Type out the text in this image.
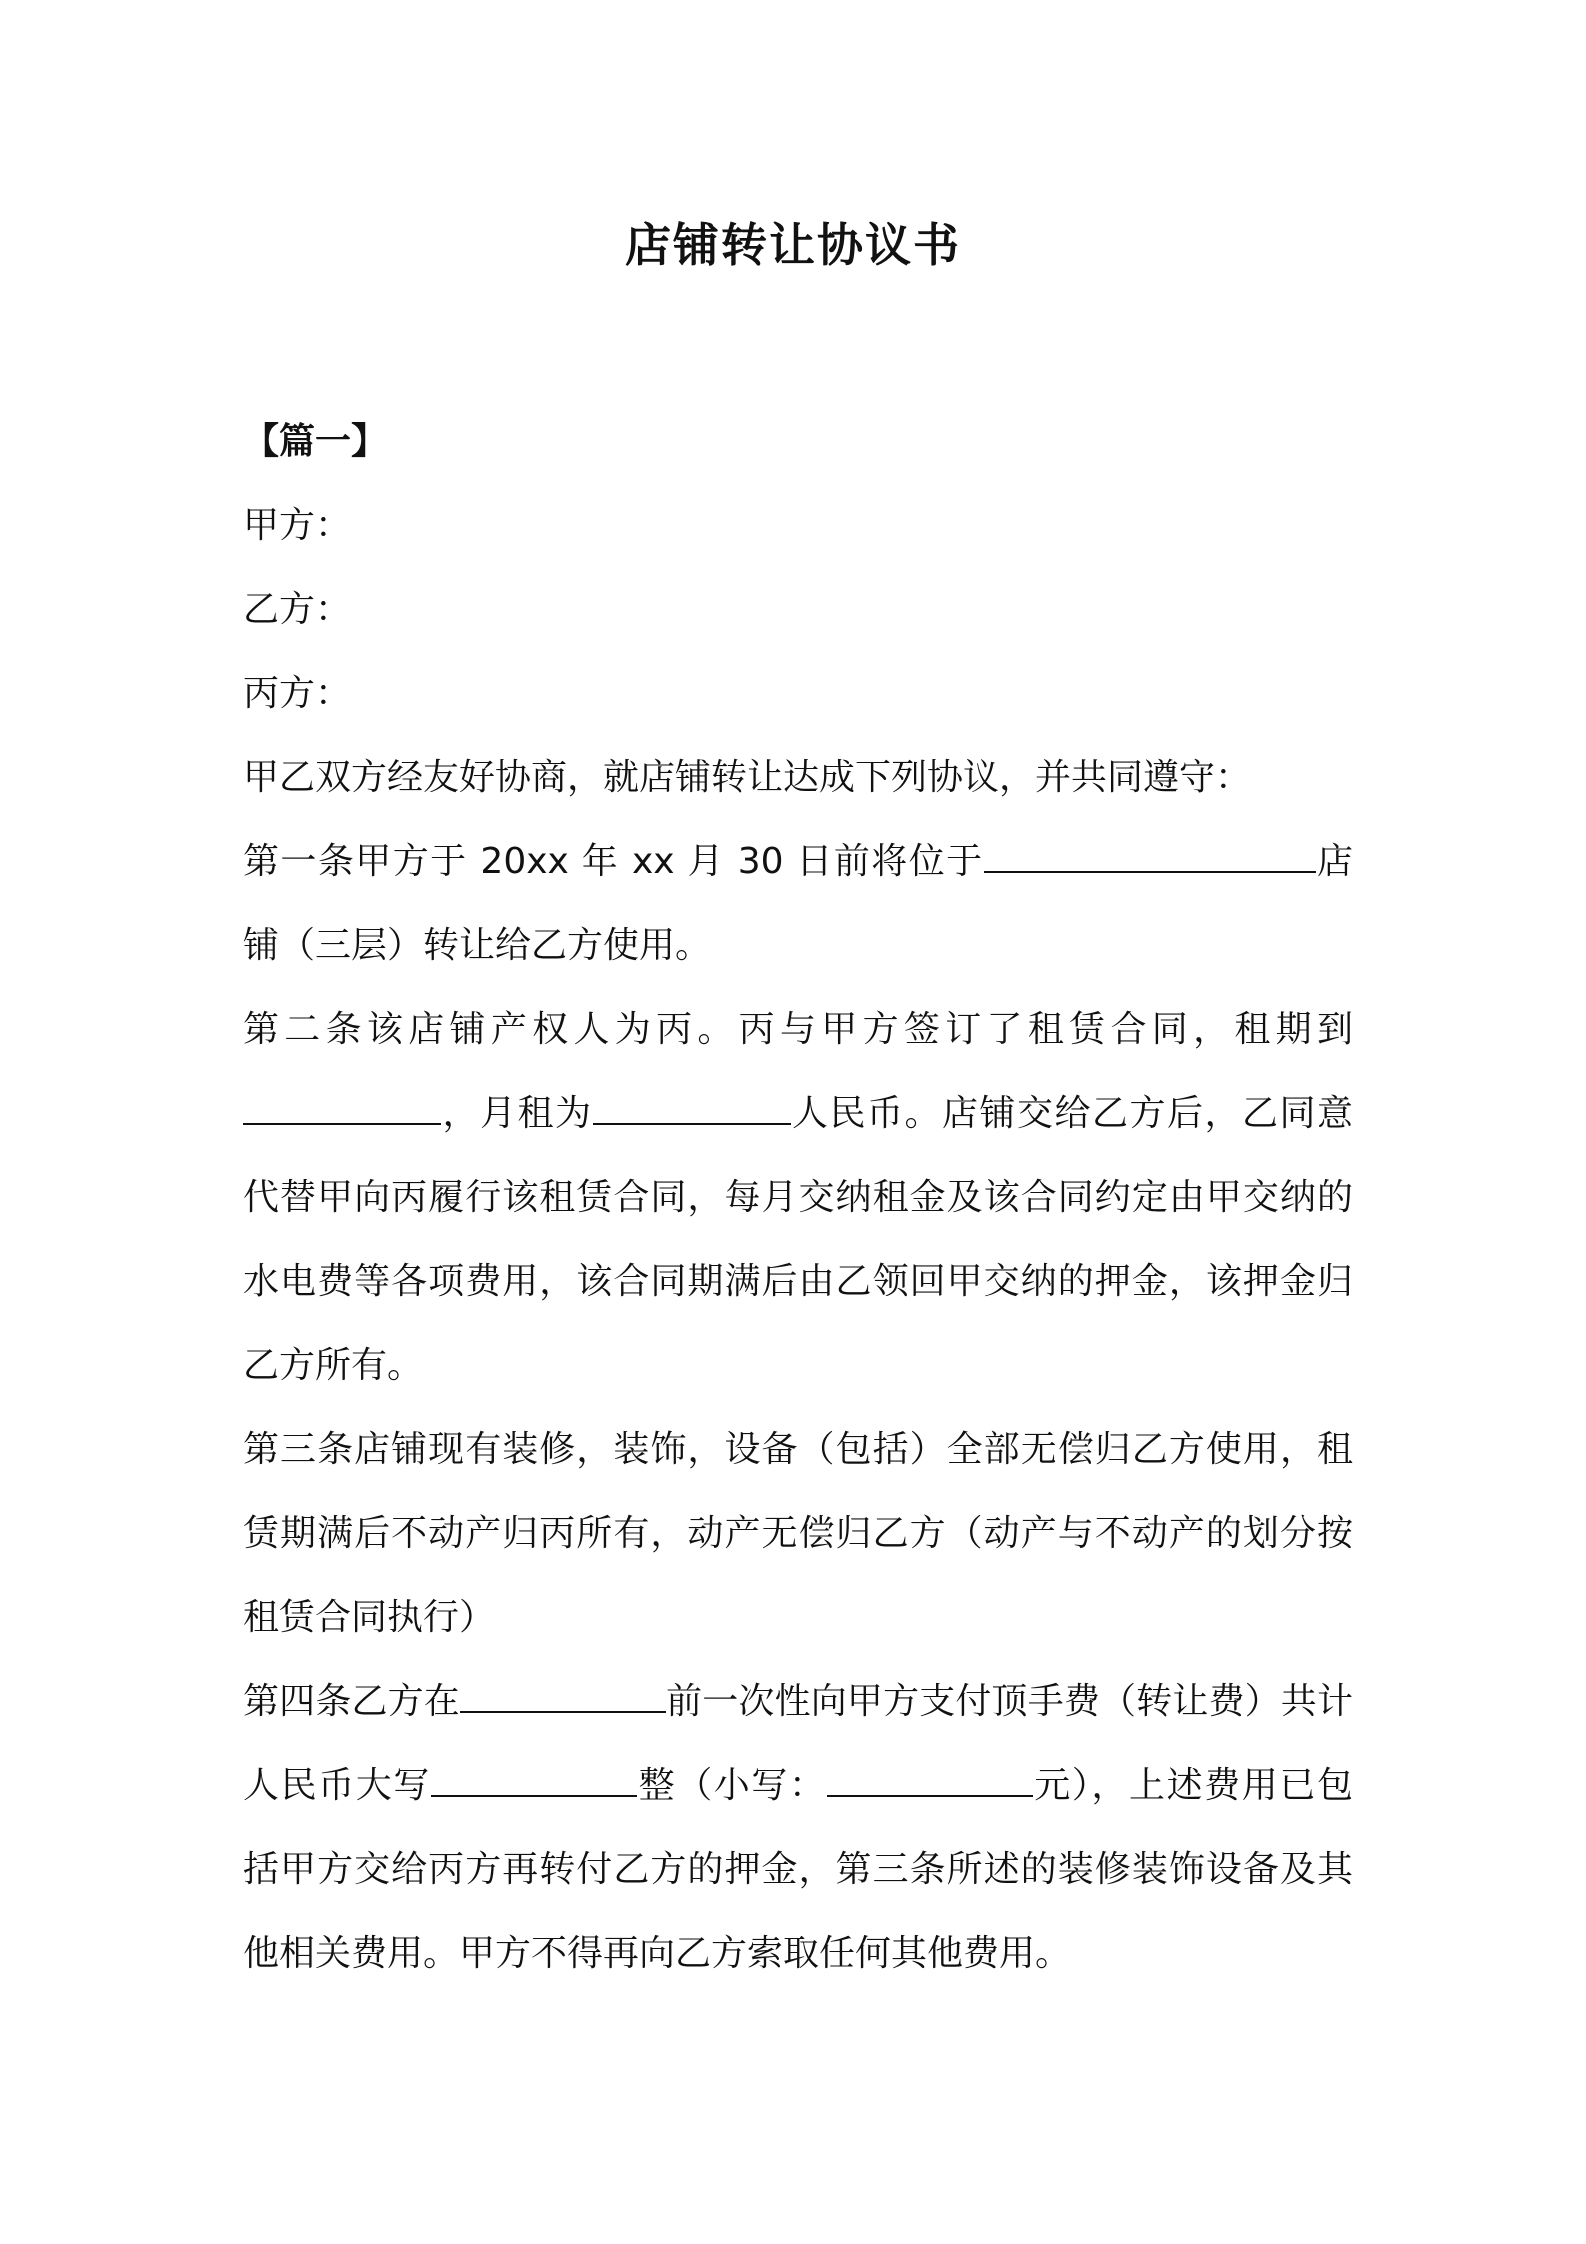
店铺转让协议书

【篇一】

甲方：

乙方：

丙方：

甲乙双方经友好协商，就店铺转让达成下列协议，并共同遵守：

第一条甲方于 20xx 年 xx 月 30 日前将位于	店铺（三层）转让给乙方使用。

第二条该店铺产权人为丙。丙与甲方签订了租赁合同，租期到，月租为	人民币。店铺交给乙方后，乙同意代替甲向丙履行该租赁合同，每月交纳租金及该合同约定由甲交纳的水电费等各项费用，该合同期满后由乙领回甲交纳的押金，该押金归乙方所有。

第三条店铺现有装修，装饰，设备（包括）全部无偿归乙方使用，租赁期满后不动产归丙所有，动产无偿归乙方（动产与不动产的划分按租赁合同执行）

第四条乙方在	前一次性向甲方支付顶手费（转让费）共计人民币大写	整（小写：	元），上述费用已包括甲方交给丙方再转付乙方的押金，第三条所述的装修装饰设备及其他相关费用。甲方不得再向乙方索取任何其他费用。
